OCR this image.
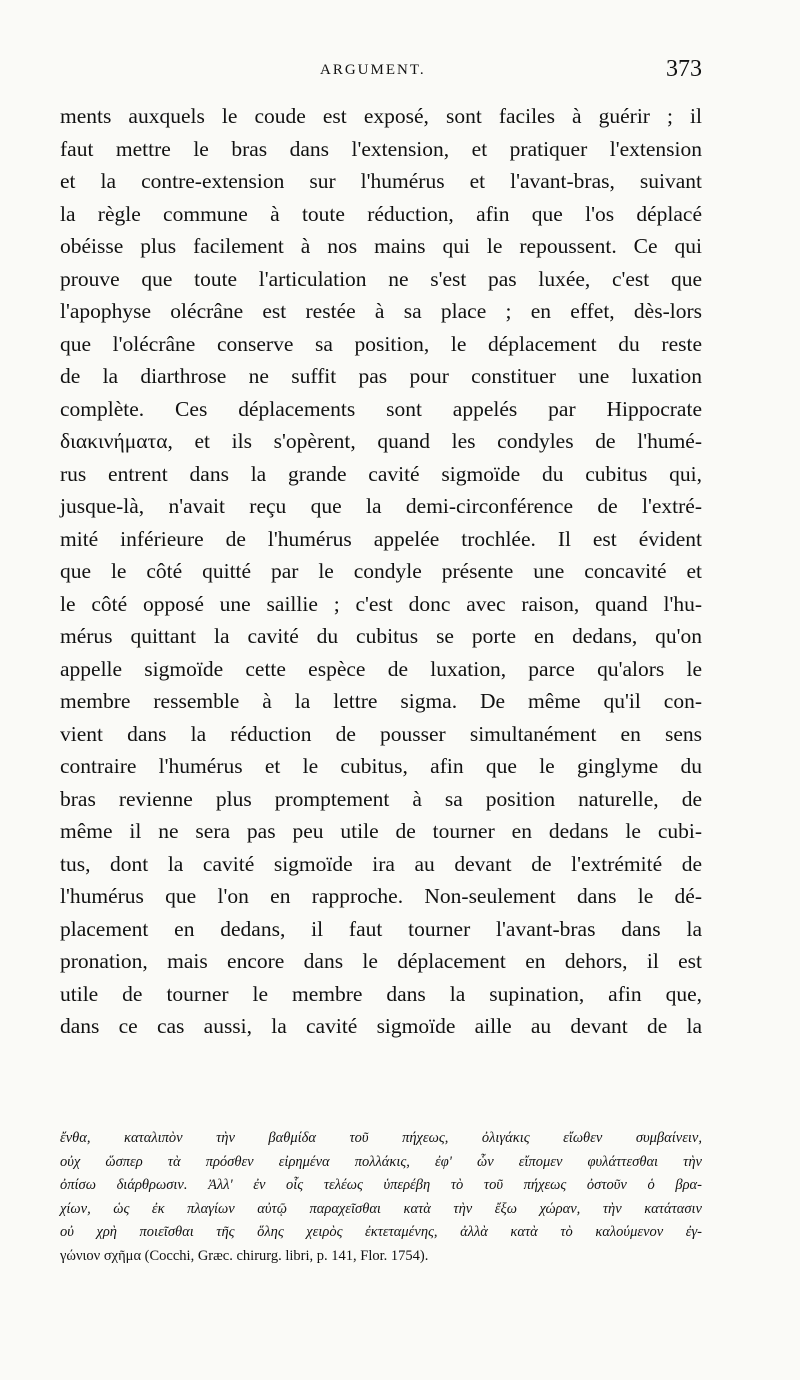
ARGUMENT.	373
ments auxquels le coude est exposé, sont faciles à guérir ; il
faut mettre le bras dans l'extension, et pratiquer l'extension
et la contre-extension sur l'humérus et l'avant-bras, suivant
la règle commune à toute réduction, afin que l'os déplacé
obéisse plus facilement à nos mains qui le repoussent. Ce qui
prouve que toute l'articulation ne s'est pas luxée, c'est que
l'apophyse olécrâne est restée à sa place ; en effet, dès-lors
que l'olécrâne conserve sa position, le déplacement du reste
de la diarthrose ne suffit pas pour constituer une luxation
complète. Ces déplacements sont appelés par Hippocrate
διακινήματα, et ils s'opèrent, quand les condyles de l'humé-
rus entrent dans la grande cavité sigmoïde du cubitus qui,
jusque-là, n'avait reçu que la demi-circonférence de l'extré-
mité inférieure de l'humérus appelée trochlée. Il est évident
que le côté quitté par le condyle présente une concavité et
le côté opposé une saillie ; c'est donc avec raison, quand l'hu-
mérus quittant la cavité du cubitus se porte en dedans, qu'on
appelle sigmoïde cette espèce de luxation, parce qu'alors le
membre ressemble à la lettre sigma. De même qu'il con-
vient dans la réduction de pousser simultanément en sens
contraire l'humérus et le cubitus, afin que le ginglyme du
bras revienne plus promptement à sa position naturelle, de
même il ne sera pas peu utile de tourner en dedans le cubi-
tus, dont la cavité sigmoïde ira au devant de l'extrémité de
l'humérus que l'on en rapproche. Non-seulement dans le dé-
placement en dedans, il faut tourner l'avant-bras dans la
pronation, mais encore dans le déplacement en dehors, il est
utile de tourner le membre dans la supination, afin que,
dans ce cas aussi, la cavité sigmoïde aille au devant de la
ἔνθα, καταλιπὸν τὴν βαθμίδα τοῦ πήχεως, ὀλιγάκις εἴωθεν συμβαίνειν,
οὐχ ὥσπερ τὰ πρόσθεν εἰρημένα πολλάκις, ἐφ' ὧν εἴπομεν φυλάττεσθαι τὴν
ὀπίσω διάρθρωσιν. Ἀλλ' ἐν οἷς τελέως ὑπερέβη τὸ τοῦ πήχεως ὀστοῦν ὁ βρα-
χίων, ὡς ἐκ πλαγίων αὐτῷ παραχεῖσθαι κατὰ τὴν ἔξω χώραν, τὴν κατάτασιν
οὐ χρὴ ποιεῖσθαι τῆς ὅλης χειρὸς ἐκτεταμένης, ἀλλὰ κατὰ τὸ καλούμενον ἐγ-
γώνιον σχῆμα (Cocchi, Græc. chirurg. libri, p. 141, Flor. 1754).
